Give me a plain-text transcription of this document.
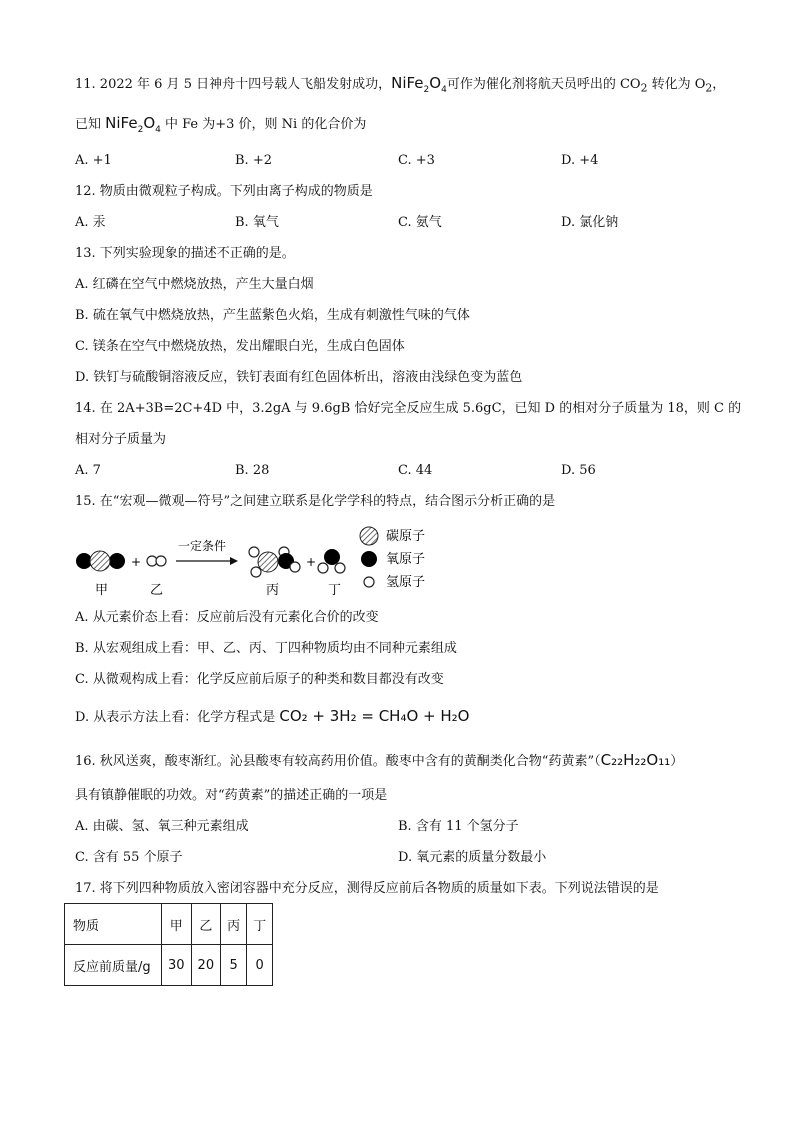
11. 2022 年 6 月 5 日神舟十四号载人飞船发射成功，$NiFe_2O_4$可作为催化剂将航天员呼出的 $CO_2$ 转化为 $O_2$，
已知 $NiFe_2O_4$ 中 Fe 为+3 价，则 Ni 的化合价为
A. +1	B. +2	C. +3	D. +4
12. 物质由微观粒子构成。下列由离子构成的物质是
A. 汞	B. 氧气	C. 氨气	D. 氯化钠
13. 下列实验现象的描述不正确的是。
A. 红磷在空气中燃烧放热，产生大量白烟
B. 硫在氧气中燃烧放热，产生蓝紫色火焰，生成有刺激性气味的气体
C. 镁条在空气中燃烧放热，发出耀眼白光，生成白色固体
D. 铁钉与硫酸铜溶液反应，铁钉表面有红色固体析出，溶液由浅绿色变为蓝色
14. 在 2A+3B=2C+4D 中，3.2gA 与 9.6gB 恰好完全反应生成 5.6gC，已知 D 的相对分子质量为 18，则 C 的
相对分子质量为
A. 7	B. 28	C. 44	D. 56
15. 在“宏观—微观—符号”之间建立联系是化学学科的特点，结合图示分析正确的是
甲
+
乙
一定条件
丙
+
丁
碳原子
氧原子
氢原子
A. 从元素价态上看：反应前后没有元素化合价的改变
B. 从宏观组成上看：甲、乙、丙、丁四种物质均由不同种元素组成
C. 从微观构成上看：化学反应前后原子的种类和数目都没有改变
D. 从表示方法上看：化学方程式是 CO₂ + 3H₂ = CH₄O + H₂O
16. 秋风送爽，酸枣渐红。沁县酸枣有较高药用价值。酸枣中含有的黄酮类化合物“药黄素”（C₂₂H₂₂O₁₁）
具有镇静催眠的功效。对“药黄素”的描述正确的一项是
A. 由碳、氢、氧三种元素组成	B. 含有 11 个氢分子
C. 含有 55 个原子	D. 氧元素的质量分数最小
17. 将下列四种物质放入密闭容器中充分反应，测得反应前后各物质的质量如下表。下列说法错误的是
物质	甲	乙	丙	丁
反应前质量/g	30	20	5	0
